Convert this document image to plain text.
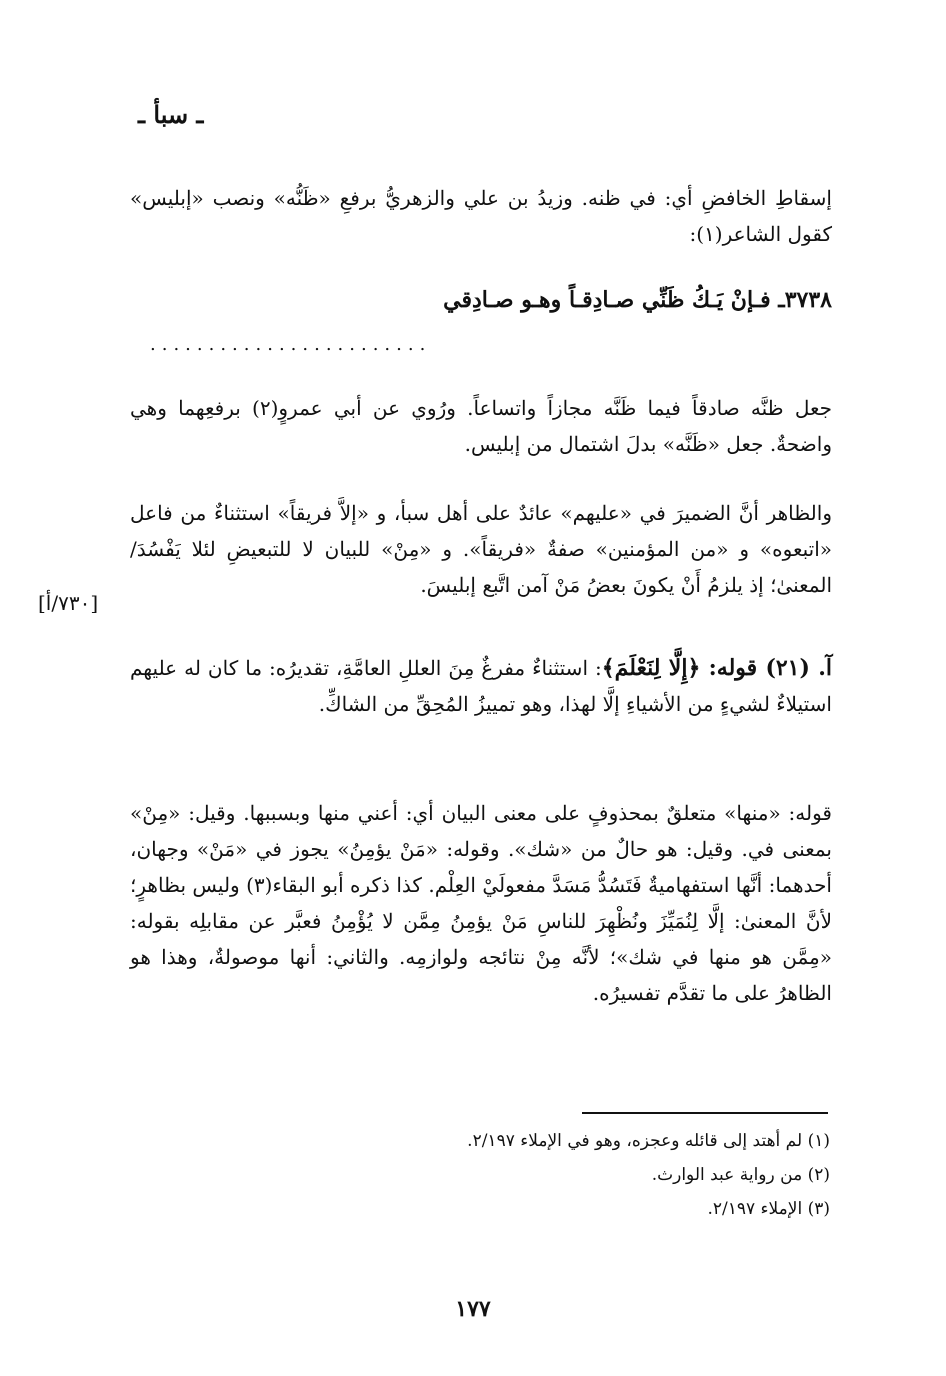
ـ سبأ ـ
إسقاطِ الخافضِ أي: في ظنه. وزيدُ بن علي والزهريُّ برفعِ «ظَنُّه» ونصب «إبليس» كقول الشاعر(١):
٣٧٣٨ـ فـإنْ يَـكُ ظَنِّي صـادِقـاً وهـو صـادِقي
........................
جعل ظنَّه صادقاً فيما ظَنَّه مجازاً واتساعاً. ورُوي عن أبي عمروٍ(٢) برفعِهما وهي واضحةٌ. جعل «ظَنَّه» بدلَ اشتمال من إبليس.
والظاهر أنَّ الضميرَ في «عليهم» عائدٌ على أهل سبأ، و «إلاَّ فريقاً» استثناءٌ من فاعل «اتبعوه» و «من المؤمنين» صفةٌ «فريقاً». و «مِنْ» للبيان لا للتبعيضِ لئلا يَفْسُدَ/ المعنىٰ؛ إذ يلزمُ أَنْ يكونَ بعضُ مَنْ آمن اتَّبع إبليسَ.
[٧٣٠/أ]
آ. (٢١) قوله: ﴿إِلَّا لِنَعْلَمَ﴾: استثناءٌ مفرغٌ مِنَ العللِ العامَّةِ، تقديرُه: ما كان له عليهم استيلاءٌ لشيءٍ من الأشياءِ إلَّا لهذا، وهو تمييزُ المُحِقِّ من الشاكِّ.
قوله: «منها» متعلقٌ بمحذوفٍ على معنى البيان أي: أعني منها وبسببها. وقيل: «مِنْ» بمعنى في. وقيل: هو حالٌ من «شك». وقوله: «مَنْ يؤمِنُ» يجوز في «مَنْ» وجهان، أحدهما: أنَّها استفهاميةٌ فَتَسُدُّ مَسَدَّ مفعولَيْ العِلْم. كذا ذكره أبو البقاء(٣) وليس بظاهرٍ؛ لأنَّ المعنىٰ: إلَّا لِنُمَيِّزَ ونُظْهِرَ للناسِ مَنْ يؤمِنُ مِمَّن لا يُؤْمِنُ فعبَّر عن مقابلِه بقوله: «مِمَّن هو منها في شك»؛ لأنَّه مِنْ نتائجه ولوازمِه. والثاني: أنها موصولةٌ، وهذا هو الظاهرُ على ما تقدَّم تفسيرُه.
(١) لم أهتد إلى قائله وعجزه، وهو في الإملاء ٢/١٩٧.
(٢) من رواية عبد الوارث.
(٣) الإملاء ٢/١٩٧.
١٧٧
